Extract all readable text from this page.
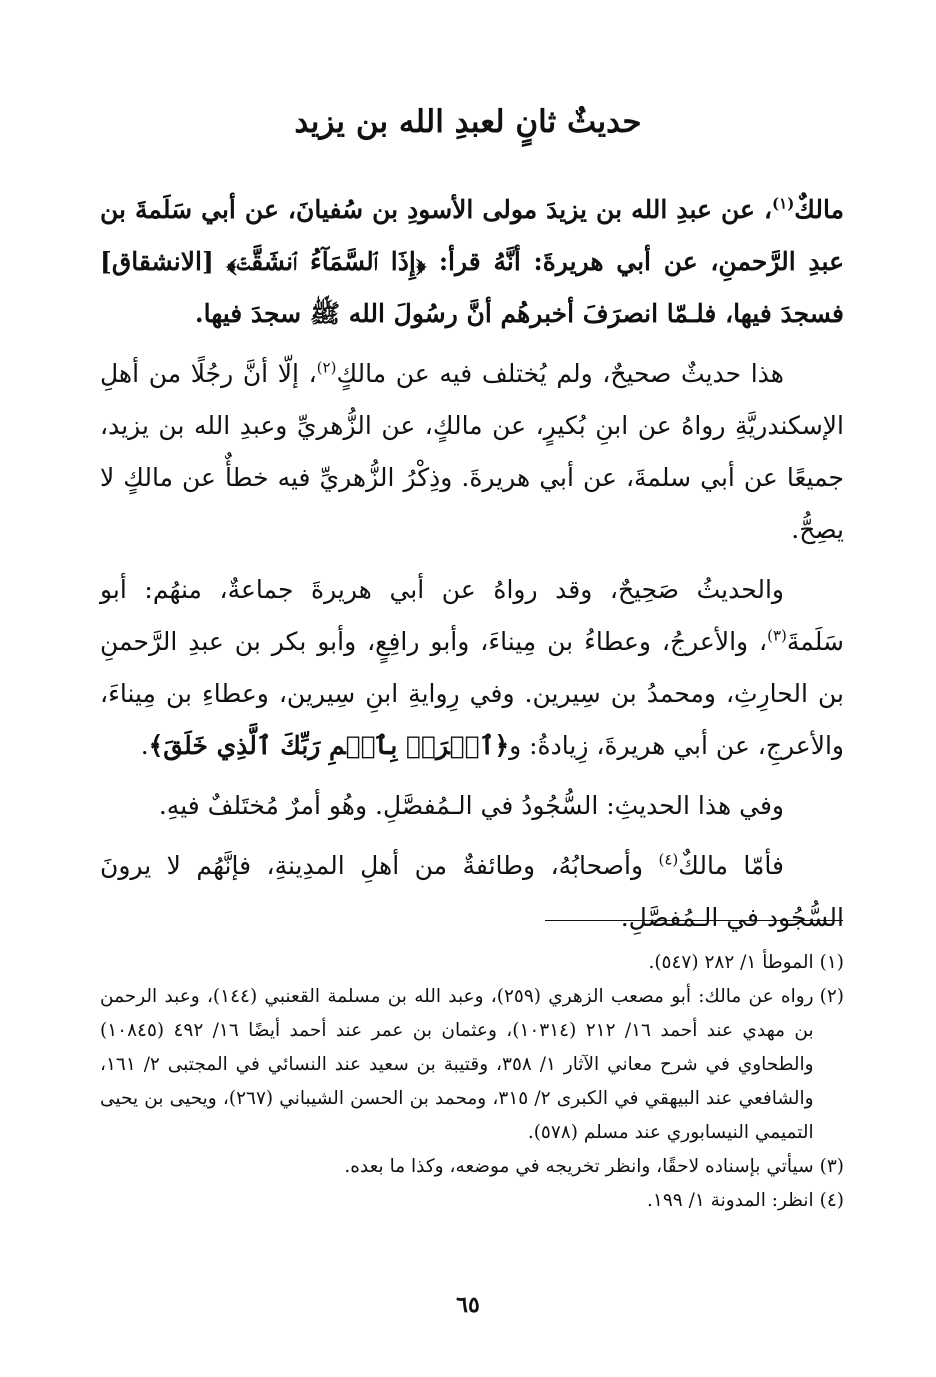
حديثٌ ثانٍ لعبدِ الله بن يزيد

مالكٌ$^{(١)}$، عن عبدِ الله بن يزيدَ مولى الأسودِ بن سُفيانَ، عن أبي سَلَمةَ بن عبدِ الرَّحمنِ، عن أبي هريرةَ: أنَّهُ قرأ: ﴿إِذَا ٱلسَّمَآءُ ٱنشَقَّتۡ﴾ [الانشقاق] فسجدَ فيها، فلـمّا انصرَفَ أخبرهُم أنَّ رسُولَ الله ﷺ سجدَ فيها.

هذا حديثٌ صحيحٌ، ولم يُختلف فيه عن مالكٍ$^{(٢)}$، إلّا أنَّ رجُلًا من أهلِ الإسكندريَّةِ رواهُ عن ابنِ بُكيرٍ، عن مالكٍ، عن الزُّهريِّ وعبدِ الله بن يزيد، جميعًا عن أبي سلمةَ، عن أبي هريرةَ. وذِكْرُ الزُّهريِّ فيه خطأٌ عن مالكٍ لا يصِحُّ.

والحديثُ صَحِيحٌ، وقد رواهُ عن أبي هريرةَ جماعةٌ، منهُم: أبو سَلَمةَ$^{(٣)}$، والأعرجُ، وعطاءُ بن مِيناءَ، وأبو رافِعٍ، وأبو بكر بن عبدِ الرَّحمنِ بن الحارِثِ، ومحمدُ بن سِيرين. وفي رِوايةِ ابنِ سِيرين، وعطاءِ بن مِيناءَ، والأعرجِ، عن أبي هريرةَ، زِيادةُ: و﴿ٱقۡرَأۡ بِٱسۡمِ رَبِّكَ ٱلَّذِي خَلَقَ﴾.

وفي هذا الحديثِ: السُّجُودُ في الـمُفصَّلِ. وهُو أمرٌ مُختَلفٌ فيهِ.

فأمّا مالكٌ$^{(٤)}$ وأصحابُهُ، وطائفةٌ من أهلِ المدِينةِ، فإنَّهُم لا يرونَ السُّجُود في الـمُفصَّلِ.

(١)
الموطأ ١/ ٢٨٢ (٥٤٧).

(٢)
رواه عن مالك: أبو مصعب الزهري (٢٥٩)، وعبد الله بن مسلمة القعنبي (١٤٤)، وعبد الرحمن بن مهدي عند أحمد ١٦/ ٢١٢ (١٠٣١٤)، وعثمان بن عمر عند أحمد أيضًا ١٦/ ٤٩٢ (١٠٨٤٥) والطحاوي في شرح معاني الآثار ١/ ٣٥٨، وقتيبة بن سعيد عند النسائي في المجتبى ٢/ ١٦١، والشافعي عند البيهقي في الكبرى ٢/ ٣١٥، ومحمد بن الحسن الشيباني (٢٦٧)، ويحيى بن يحيى التميمي النيسابوري عند مسلم (٥٧٨).

(٣)
سيأتي بإسناده لاحقًا، وانظر تخريجه في موضعه، وكذا ما بعده.

(٤)
انظر: المدونة ١/ ١٩٩.

٦٥
